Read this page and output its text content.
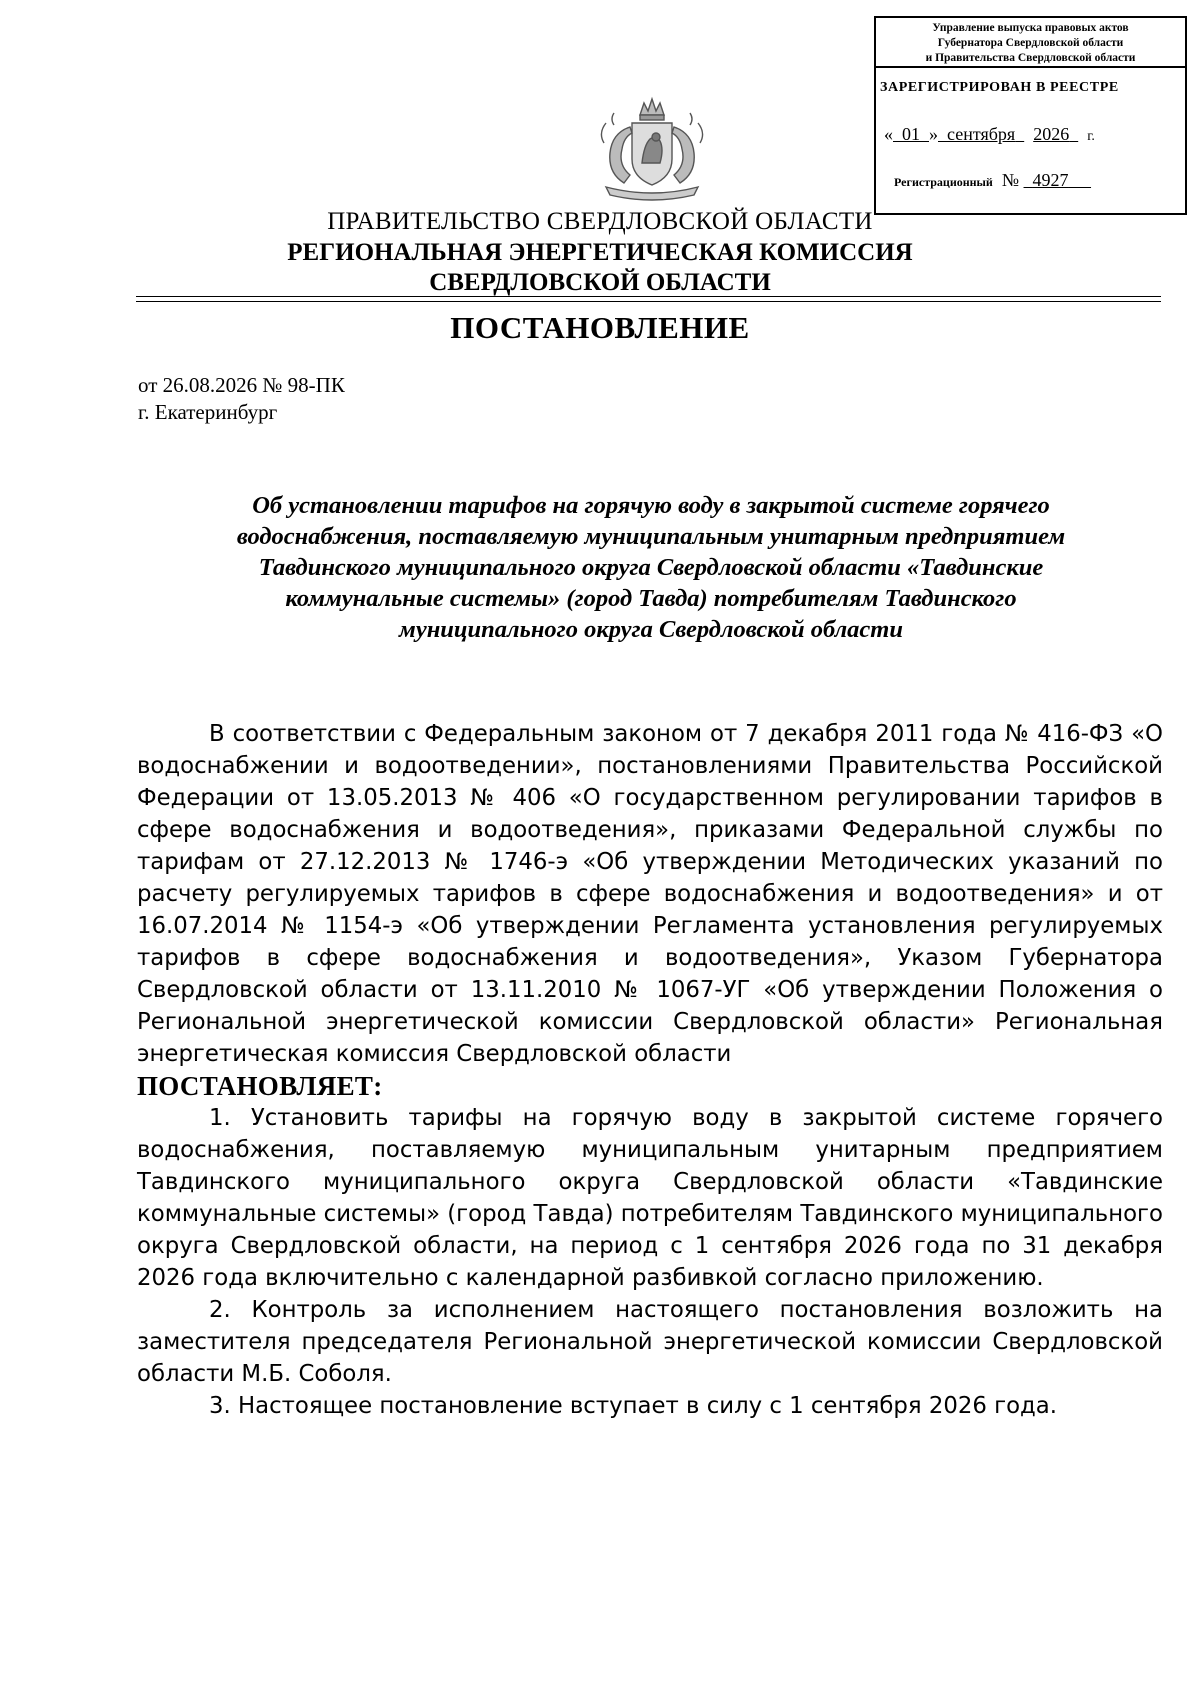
Управление выпуска правовых актов
Губернатора Свердловской области
и Правительства Свердловской области
ЗАРЕГИСТРИРОВАН В РЕЕСТРЕ
« 01 » сентября 2026 г.
Регистрационный № 4927
ПРАВИТЕЛЬСТВО СВЕРДЛОВСКОЙ ОБЛАСТИ
РЕГИОНАЛЬНАЯ ЭНЕРГЕТИЧЕСКАЯ КОМИССИЯ
СВЕРДЛОВСКОЙ ОБЛАСТИ
ПОСТАНОВЛЕНИЕ
от 26.08.2026 № 98-ПК
г. Екатеринбург
Об установлении тарифов на горячую воду в закрытой системе горячего
водоснабжения, поставляемую муниципальным унитарным предприятием
Тавдинского муниципального округа Свердловской области «Тавдинские
коммунальные системы» (город Тавда) потребителям Тавдинского
муниципального округа Свердловской области

В соответствии с Федеральным законом от 7 декабря 2011 года № 416-ФЗ «О водоснабжении и водоотведении», постановлениями Правительства Российской Федерации от 13.05.2013 № 406 «О государственном регулировании тарифов в сфере водоснабжения и водоотведения», приказами Федеральной службы по тарифам от 27.12.2013 № 1746-э «Об утверждении Методических указаний по расчету регулируемых тарифов в сфере водоснабжения и водоотведения» и от 16.07.2014 № 1154-э «Об утверждении Регламента установления регулируемых тарифов в сфере водоснабжения и водоотведения», Указом Губернатора Свердловской области от 13.11.2010 № 1067-УГ «Об утверждении Положения о Региональной энергетической комиссии Свердловской области» Региональная энергетическая комиссия Свердловской области

ПОСТАНОВЛЯЕТ:

1. Установить тарифы на горячую воду в закрытой системе горячего водоснабжения, поставляемую муниципальным унитарным предприятием Тавдинского муниципального округа Свердловской области «Тавдинские коммунальные системы» (город Тавда) потребителям Тавдинского муниципального округа Свердловской области, на период с 1 сентября 2026 года по 31 декабря 2026 года включительно с календарной разбивкой согласно приложению.

2. Контроль за исполнением настоящего постановления возложить на заместителя председателя Региональной энергетической комиссии Свердловской области М.Б. Соболя.

3. Настоящее постановление вступает в силу с 1 сентября 2026 года.
